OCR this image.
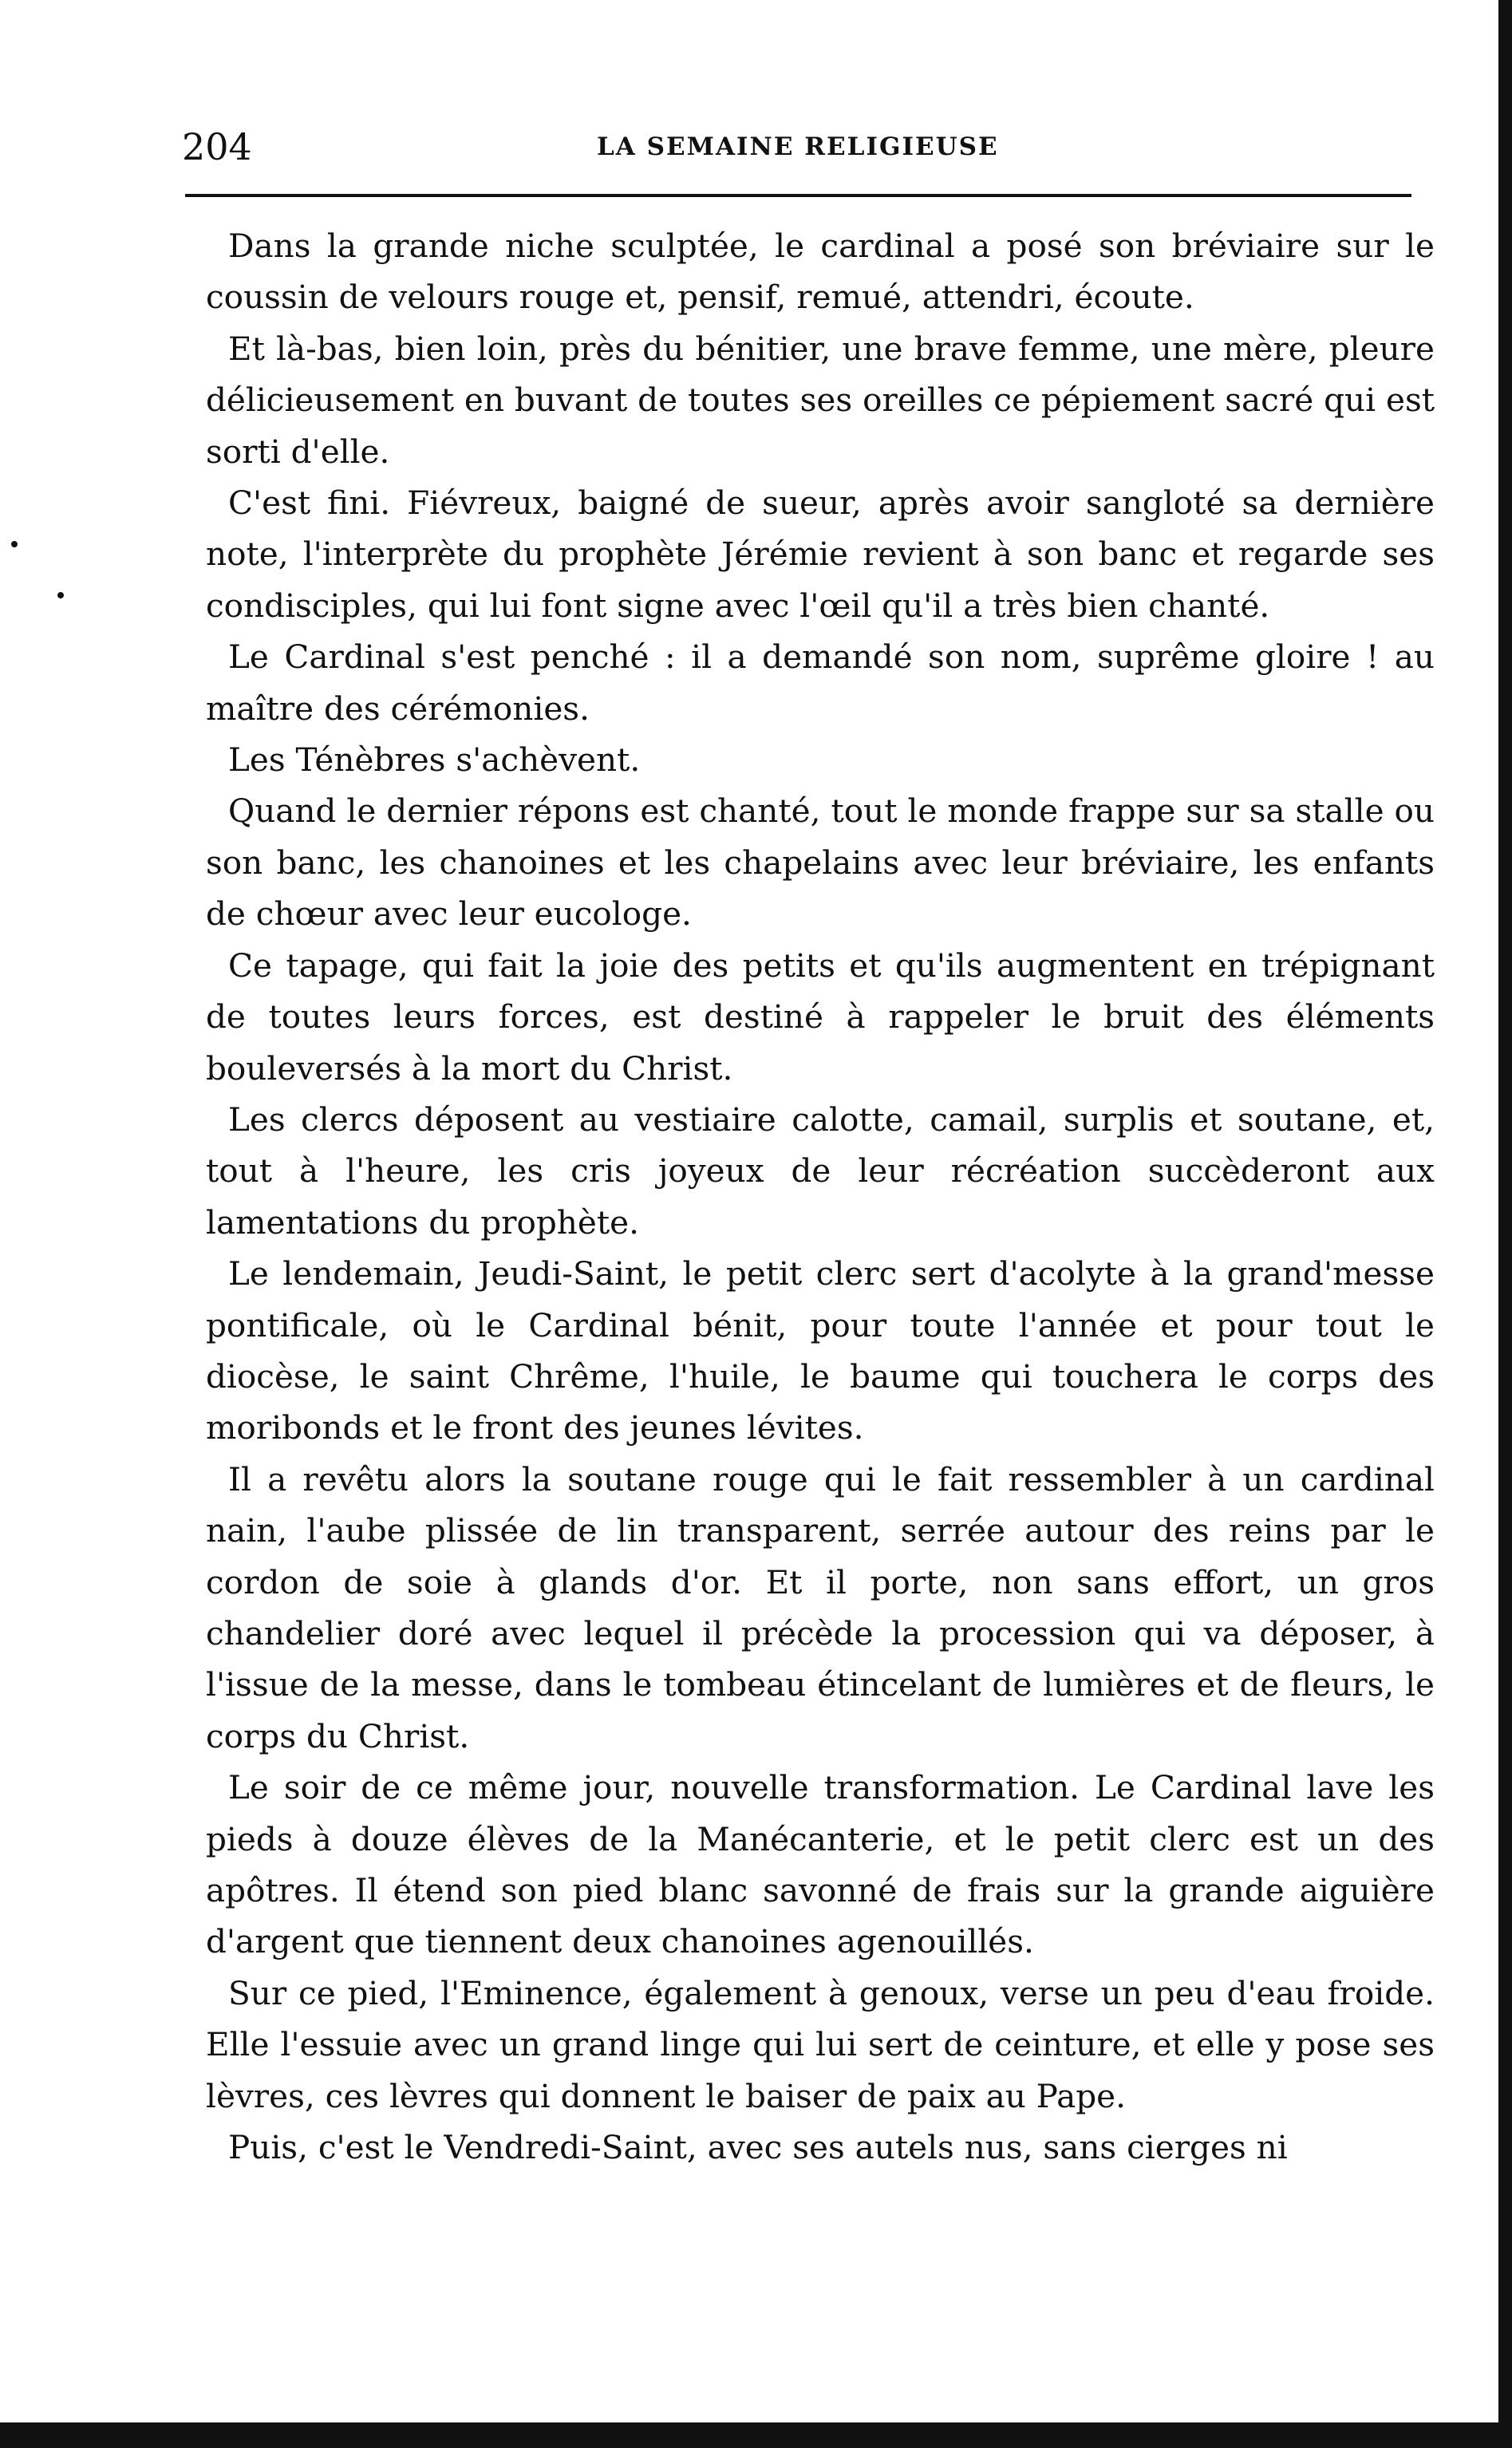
204	LA SEMAINE RELIGIEUSE

Dans la grande niche sculptée, le cardinal a posé son bréviaire sur le coussin de velours rouge et, pensif, remué, attendri, écoute.

Et là-bas, bien loin, près du bénitier, une brave femme, une mère, pleure délicieusement en buvant de toutes ses oreilles ce pépiement sacré qui est sorti d'elle.

C'est fini. Fiévreux, baigné de sueur, après avoir sangloté sa dernière note, l'interprète du prophète Jérémie revient à son banc et regarde ses condisciples, qui lui font signe avec l'œil qu'il a très bien chanté.

Le Cardinal s'est penché : il a demandé son nom, suprême gloire ! au maître des cérémonies.

Les Ténèbres s'achèvent.

Quand le dernier répons est chanté, tout le monde frappe sur sa stalle ou son banc, les chanoines et les chapelains avec leur bréviaire, les enfants de chœur avec leur eucologe.

Ce tapage, qui fait la joie des petits et qu'ils augmentent en trépignant de toutes leurs forces, est destiné à rappeler le bruit des éléments bouleversés à la mort du Christ.

Les clercs déposent au vestiaire calotte, camail, surplis et soutane, et, tout à l'heure, les cris joyeux de leur récréation succèderont aux lamentations du prophète.

Le lendemain, Jeudi-Saint, le petit clerc sert d'acolyte à la grand'messe pontificale, où le Cardinal bénit, pour toute l'année et pour tout le diocèse, le saint Chrême, l'huile, le baume qui touchera le corps des moribonds et le front des jeunes lévites.

Il a revêtu alors la soutane rouge qui le fait ressembler à un cardinal nain, l'aube plissée de lin transparent, serrée autour des reins par le cordon de soie à glands d'or. Et il porte, non sans effort, un gros chandelier doré avec lequel il précède la procession qui va déposer, à l'issue de la messe, dans le tombeau étincelant de lumières et de fleurs, le corps du Christ.

Le soir de ce même jour, nouvelle transformation. Le Cardinal lave les pieds à douze élèves de la Manécanterie, et le petit clerc est un des apôtres. Il étend son pied blanc savonné de frais sur la grande aiguière d'argent que tiennent deux chanoines agenouillés.

Sur ce pied, l'Eminence, également à genoux, verse un peu d'eau froide. Elle l'essuie avec un grand linge qui lui sert de ceinture, et elle y pose ses lèvres, ces lèvres qui donnent le baiser de paix au Pape.

Puis, c'est le Vendredi-Saint, avec ses autels nus, sans cierges ni
